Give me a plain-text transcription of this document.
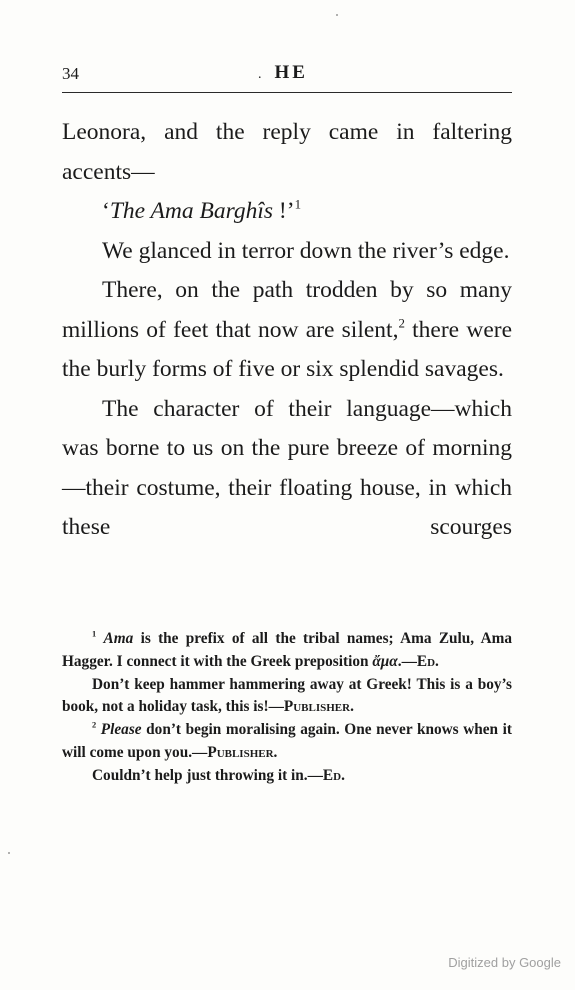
34	. HE

Leonora, and the reply came in faltering accents—

‘The Ama Barghîs !’$^1$

We glanced in terror down the river’s edge.

There, on the path trodden by so many millions of feet that now are silent,$^2$ there were the burly forms of five or six splendid savages.

The character of their language—which was borne to us on the pure breeze of morning—their costume, their floating house, in which these scourges

$^1$ Ama is the prefix of all the tribal names; Ama Zulu, Ama Hagger. I connect it with the Greek preposition ἄμα.—Ed.

Don’t keep hammer hammering away at Greek! This is a boy’s book, not a holiday task, this is!—Publisher.

$^2$ Please don’t begin moralising again. One never knows when it will come upon you.—Publisher.

Couldn’t help just throwing it in.—Ed.

Digitized by Google
